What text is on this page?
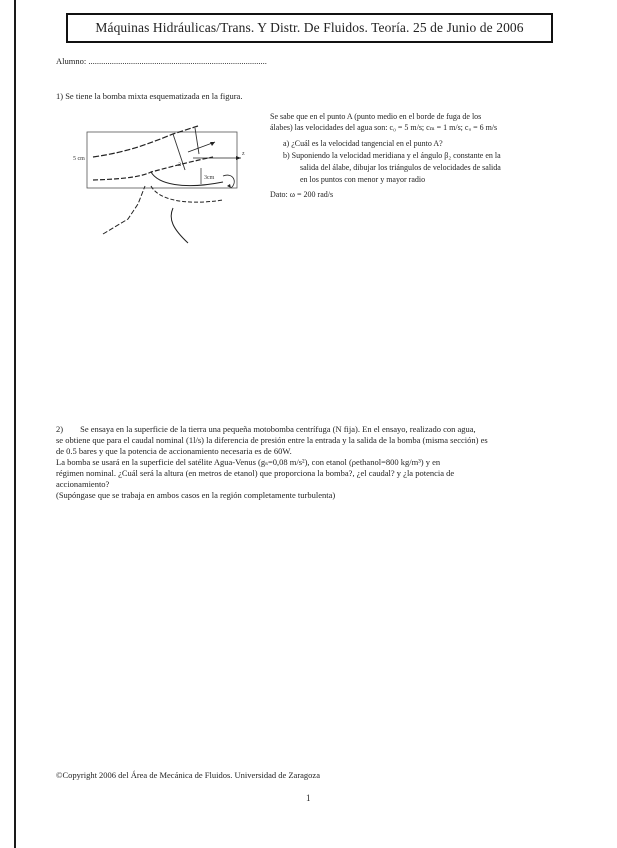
Máquinas Hidráulicas/Trans. Y Distr. De Fluidos. Teoría. 25 de Junio de 2006
Alumno: ....................................................................................
1) Se tiene la bomba mixta esquematizada en la figura.
5 cm
a
3cm
z
Se sabe que en el punto A (punto medio en el borde de fuga de los
álabes) las velocidades del agua son: c₀ = 5 m/s; cₘ = 1 m/s; cᵤ = 6 m/s
a) ¿Cuál es la velocidad tangencial en el punto A?
b) Suponiendo la velocidad meridiana y el ángulo β₂ constante en la
salida del álabe, dibujar los triángulos de velocidades de salida
en los puntos con menor y mayor radio
Dato: ω = 200 rad/s
2) Se ensaya en la superficie de la tierra una pequeña motobomba centrífuga (N fija). En el ensayo, realizado con agua,
se obtiene que para el caudal nominal (1l/s) la diferencia de presión entre la entrada y la salida de la bomba (misma sección) es
de 0.5 bares y que la potencia de accionamiento necesaria es de 60W.
La bomba se usará en la superficie del satélite Agua-Venus (gₛ=0,08 m/s²), con etanol (ρethanol=800 kg/m³) y en
régimen nominal. ¿Cuál será la altura (en metros de etanol) que proporciona la bomba?, ¿el caudal? y ¿la potencia de
accionamiento?
(Supóngase que se trabaja en ambos casos en la región completamente turbulenta)
©Copyright 2006 del Área de Mecánica de Fluidos. Universidad de Zaragoza
1
